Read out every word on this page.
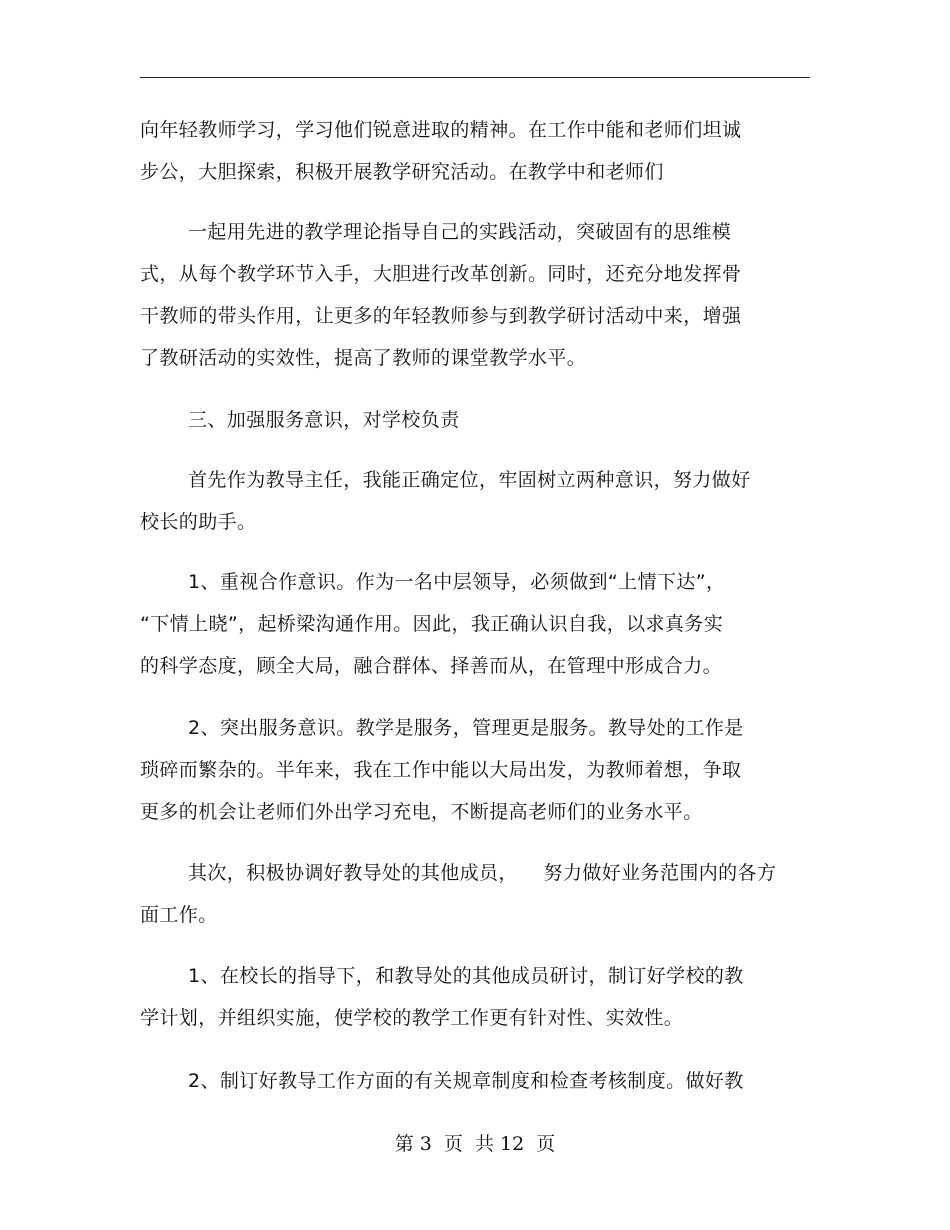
向年轻教师学习，学习他们锐意进取的精神。在工作中能和老师们坦诚
步公，大胆探索，积极开展教学研究活动。在教学中和老师们
一起用先进的教学理论指导自己的实践活动，突破固有的思维模
式，从每个教学环节入手，大胆进行改革创新。同时，还充分地发挥骨
干教师的带头作用，让更多的年轻教师参与到教学研讨活动中来，增强
了教研活动的实效性，提高了教师的课堂教学水平。
三、加强服务意识，对学校负责
首先作为教导主任，我能正确定位，牢固树立两种意识，努力做好
校长的助手。
1、重视合作意识。作为一名中层领导，必须做到“上情下达”，
“下情上晓”，起桥梁沟通作用。因此，我正确认识自我，以求真务实
的科学态度，顾全大局，融合群体、择善而从，在管理中形成合力。
2、突出服务意识。教学是服务，管理更是服务。教导处的工作是
琐碎而繁杂的。半年来，我在工作中能以大局出发，为教师着想，争取
更多的机会让老师们外出学习充电，不断提高老师们的业务水平。
其次，积极协调好教导处的其他成员，    努力做好业务范围内的各方
面工作。
1、在校长的指导下，和教导处的其他成员研讨，制订好学校的教
学计划，并组织实施，使学校的教学工作更有针对性、实效性。
2、制订好教导工作方面的有关规章制度和检查考核制度。做好教
第 3  页  共 12  页
